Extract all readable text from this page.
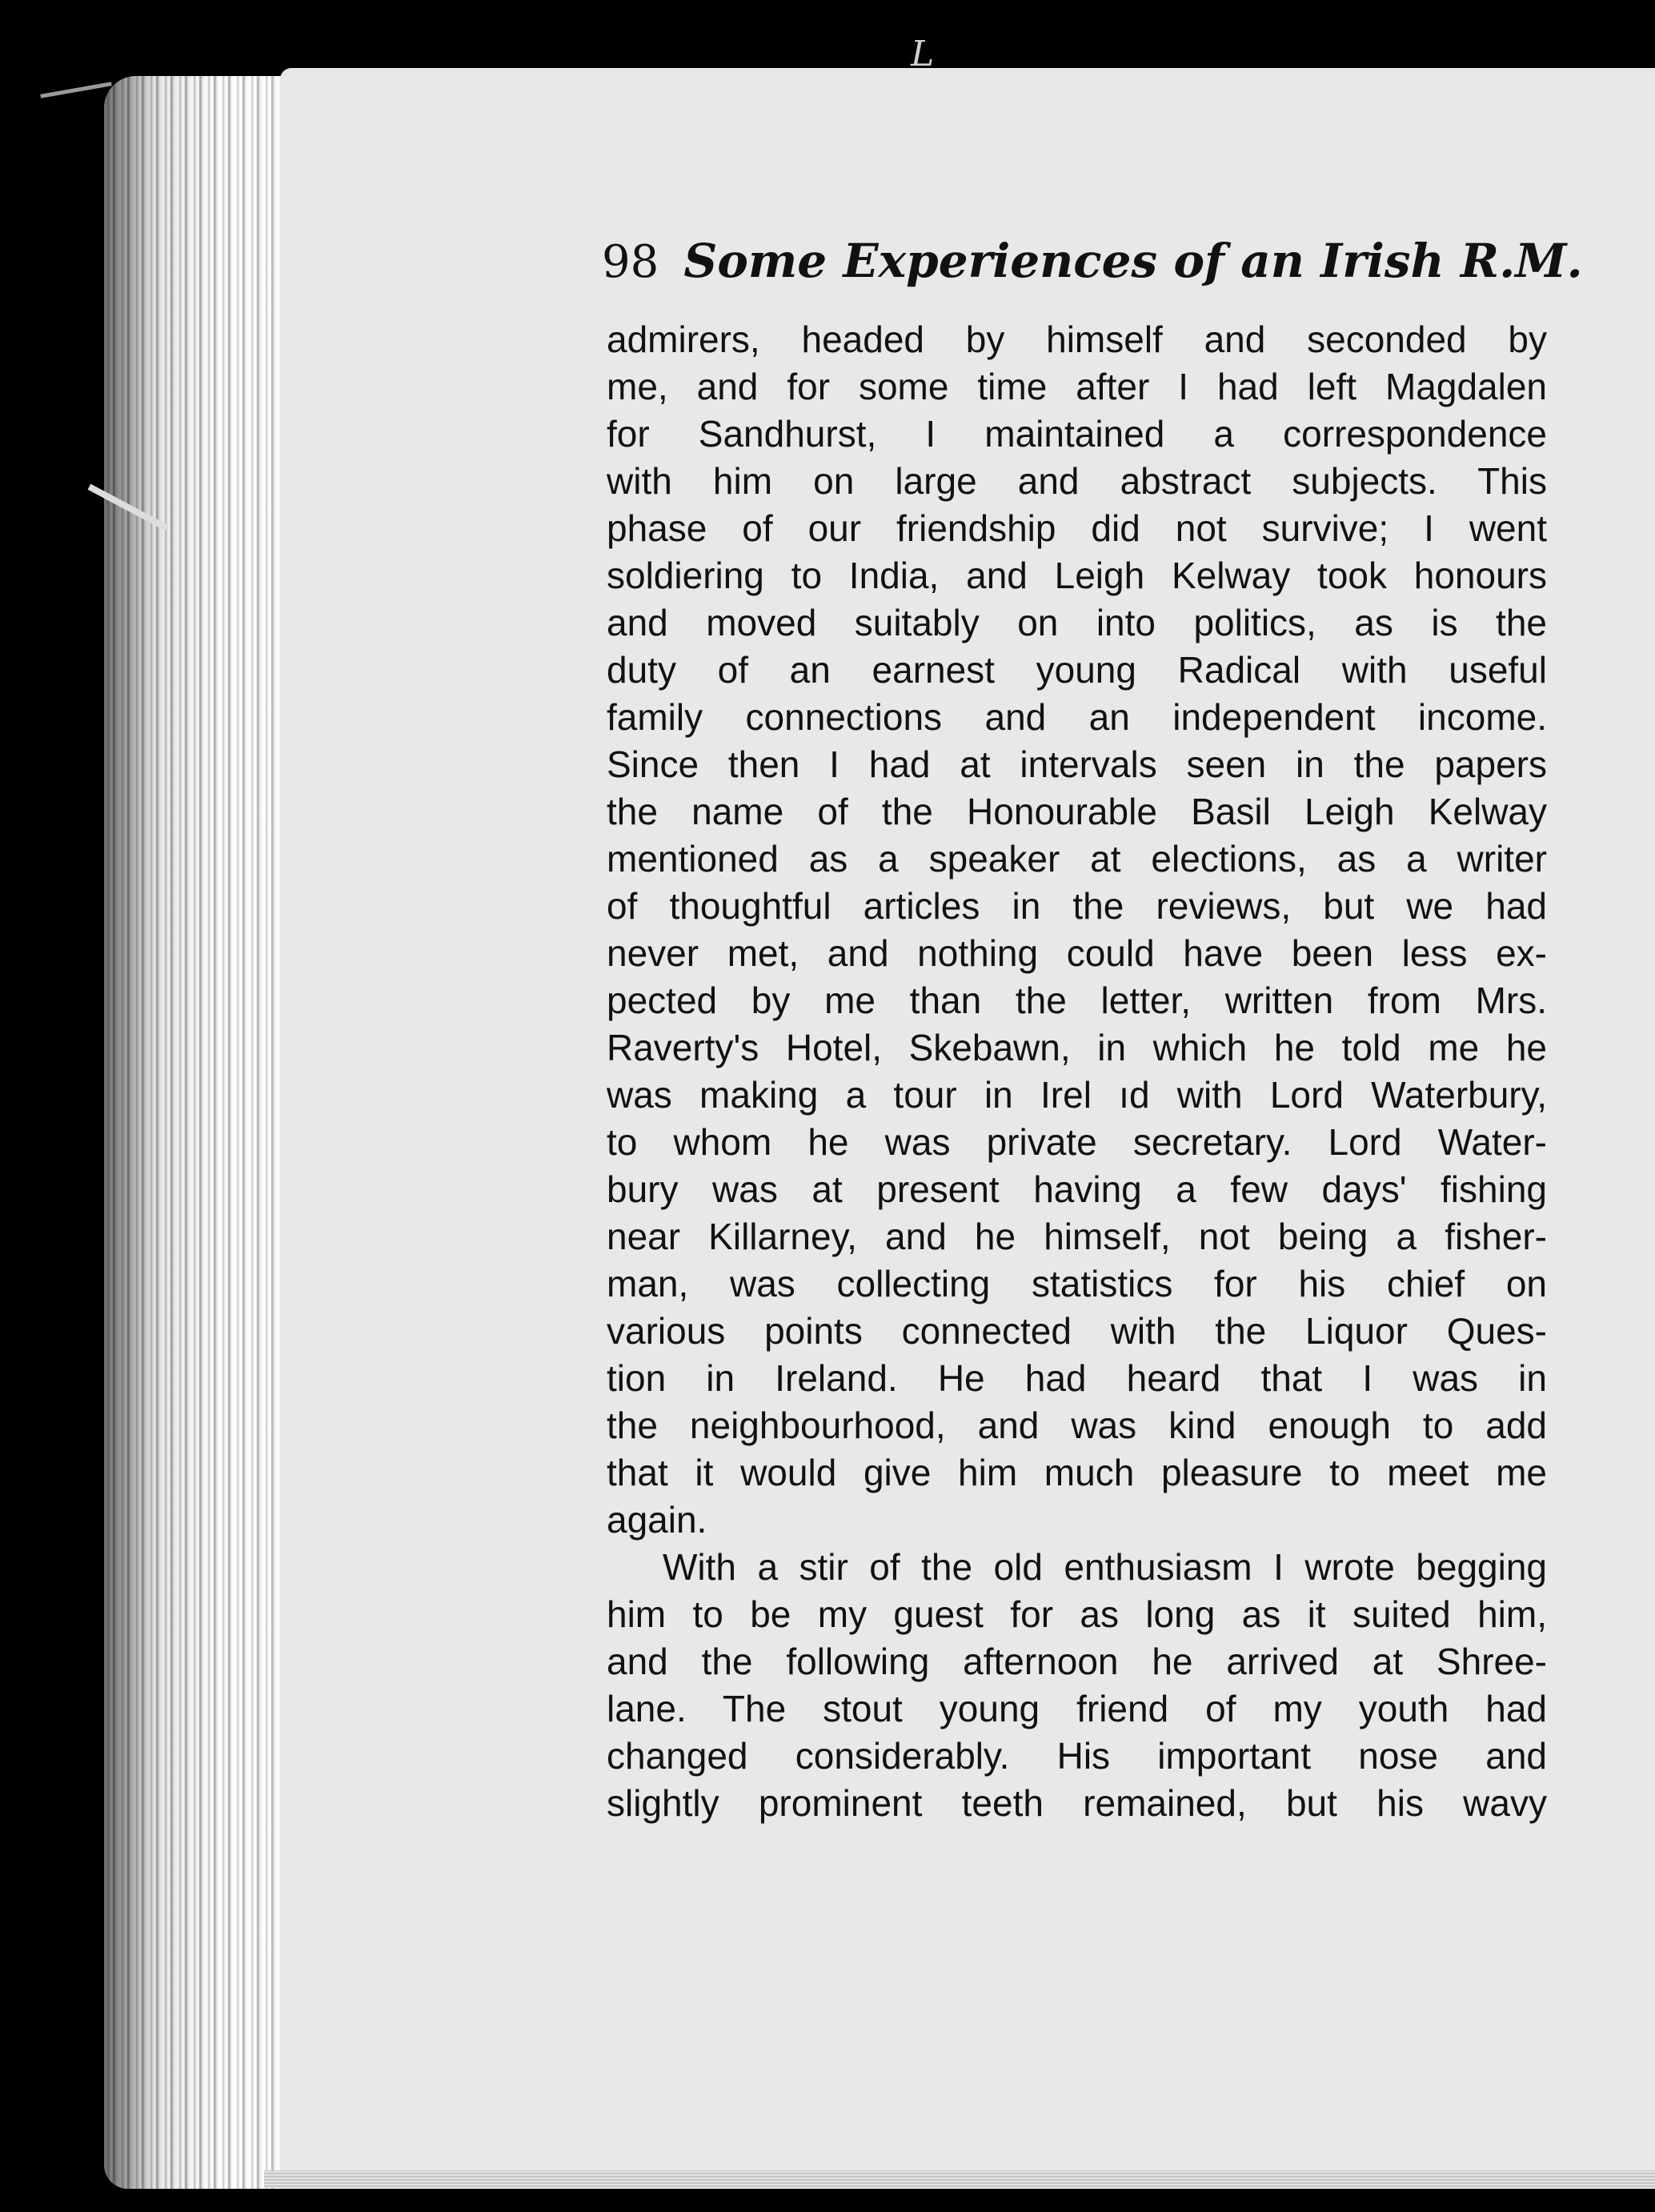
L
98 Some Experiences of an Irish R.M.
admirers, headed by himself and seconded by
me, and for some time after I had left Magdalen
for Sandhurst, I maintained a correspondence
with him on large and abstract subjects. This
phase of our friendship did not survive; I went
soldiering to India, and Leigh Kelway took honours
and moved suitably on into politics, as is the
duty of an earnest young Radical with useful
family connections and an independent income.
Since then I had at intervals seen in the papers
the name of the Honourable Basil Leigh Kelway
mentioned as a speaker at elections, as a writer
of thoughtful articles in the reviews, but we had
never met, and nothing could have been less ex-
pected by me than the letter, written from Mrs.
Raverty's Hotel, Skebawn, in which he told me he
was making a tour in Irel ıd with Lord Waterbury,
to whom he was private secretary. Lord Water-
bury was at present having a few days' fishing
near Killarney, and he himself, not being a fisher-
man, was collecting statistics for his chief on
various points connected with the Liquor Ques-
tion in Ireland. He had heard that I was in
the neighbourhood, and was kind enough to add
that it would give him much pleasure to meet me
again.
With a stir of the old enthusiasm I wrote begging
him to be my guest for as long as it suited him,
and the following afternoon he arrived at Shree-
lane. The stout young friend of my youth had
changed considerably. His important nose and
slightly prominent teeth remained, but his wavy
